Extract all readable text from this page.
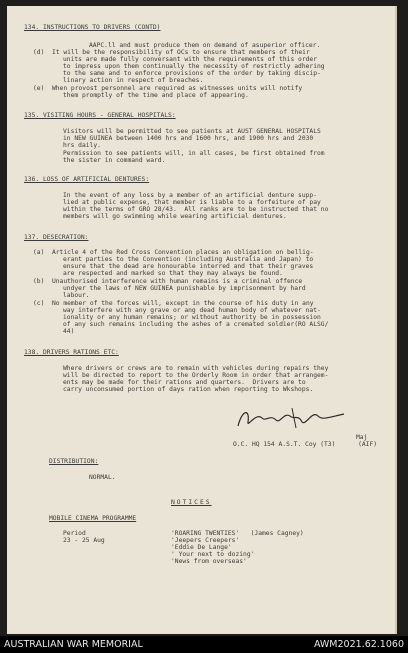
134. INSTRUCTIONS TO DRIVERS (CONTD)
AAPC.ll and must produce them on demand of asuperior officer.
(d)  It will be the responsibility of OCs to ensure that members of their
units are made fully conversant with the requirements of this order
to impress upon them continually the necessity of restrictly adhering
to the same and to enforce provisions of the order by taking discip-
linary action in respect of breaches.
(e)  When provost personnel are required as witnesses units will notify
them promptly of the time and place of appearing.
135. VISITING HOURS - GENERAL HOSPITALS:
Visitors will be permitted to see patients at AUST GENERAL HOSPITALS
in NEW GUINEA between 1400 hrs and 1600 hrs, and 1900 hrs and 2030
hrs daily.
Permission to see patients will, in all cases, be first obtained from
the sister in command ward.
136. LOSS OF ARTIFICIAL DENTURES:
In the event of any loss by a member of an artificial denture supp-
lied at public expense, that member is liable to a forfeiture of pay
within the terms of GRO 28/43.  All ranks are to be instructed that no
members will go swimming while wearing artificial dentures.
137. DESECRATION:
(a)  Article 4 of the Red Cross Convention places an obligation on bellig-
erant parties to the Convention (including Australia and Japan) to
ensure that the dead are honourable interred and that their graves
are respected and marked so that they may always be found.
(b)  Unauthorised interference with human remains is a criminal offence
undyer the laws of NEW GUINEA punishable by imprisonment by hard
labour.
(c)  No member of the forces will, except in the course of his duty in any
way interfere with any grave or ang dead human body of whatever nat-
ionality or any human remains; or without authority be in possession
of any such remains including the ashes of a cremated soldier(RO ALSG/
44)
138. DRIVERS RATIONS ETC:
Where drivers or crews are to remain with vehicles during repairs they
will be directed to report to the Orderly Room in order that arrangem-
ents may be made for their rations and quarters.  Drivers are to
carry unconsumed portion of days ration when reporting to Wkshops.
Maj
O.C. HQ 154 A.S.T. Coy (T3)      (AIF)
DISTRIBUTION:
NORMAL.
NOTICES
MOBILE CINEMA PROGRAMME
Period	'ROARING TWENTIES'   (James Cagney)
23 - 25 Aug	'Jeepers Creepers'
'Eddie De Lange'
' Your next to dozing'
'News from overseas'
AUSTRALIAN WAR MEMORIAL	AWM2021.62.1060
